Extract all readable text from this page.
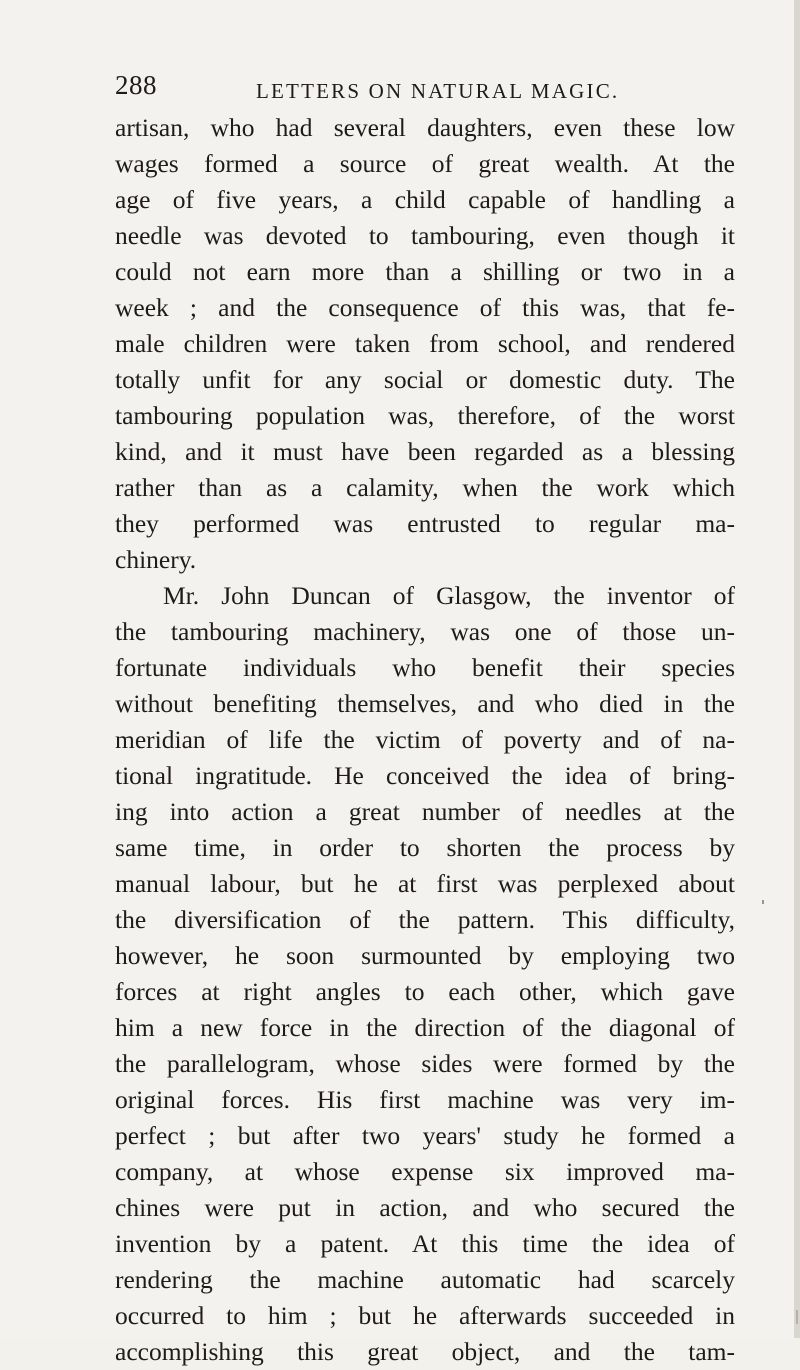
288	LETTERS ON NATURAL MAGIC.
artisan, who had several daughters, even these low
wages formed a source of great wealth. At the
age of five years, a child capable of handling a
needle was devoted to tambouring, even though it
could not earn more than a shilling or two in a
week ; and the consequence of this was, that fe-
male children were taken from school, and rendered
totally unfit for any social or domestic duty. The
tambouring population was, therefore, of the worst
kind, and it must have been regarded as a blessing
rather than as a calamity, when the work which
they performed was entrusted to regular ma-
chinery.
Mr. John Duncan of Glasgow, the inventor of
the tambouring machinery, was one of those un-
fortunate individuals who benefit their species
without benefiting themselves, and who died in the
meridian of life the victim of poverty and of na-
tional ingratitude. He conceived the idea of bring-
ing into action a great number of needles at the
same time, in order to shorten the process by
manual labour, but he at first was perplexed about
the diversification of the pattern. This difficulty,
however, he soon surmounted by employing two
forces at right angles to each other, which gave
him a new force in the direction of the diagonal of
the parallelogram, whose sides were formed by the
original forces. His first machine was very im-
perfect ; but after two years' study he formed a
company, at whose expense six improved ma-
chines were put in action, and who secured the
invention by a patent. At this time the idea of
rendering the machine automatic had scarcely
occurred to him ; but he afterwards succeeded in
accomplishing this great object, and the tam-
